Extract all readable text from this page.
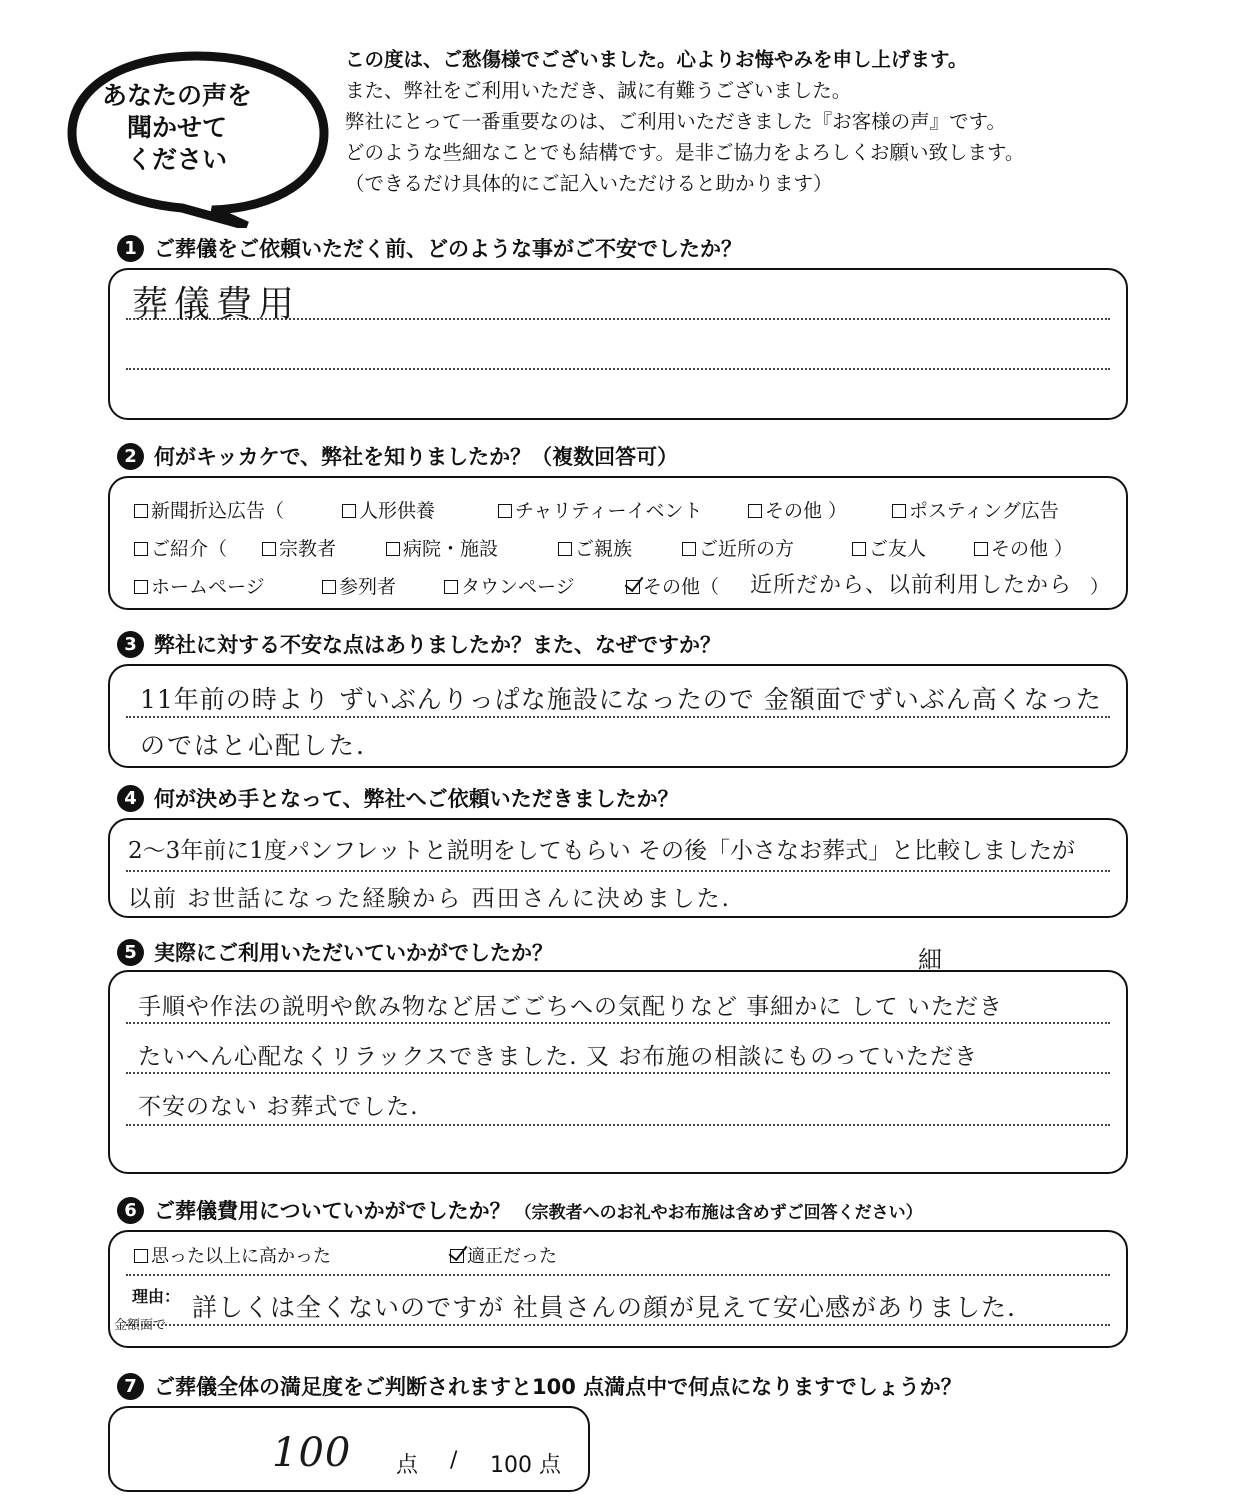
あなたの声を
聞かせて
ください
この度は、ご愁傷様でございました。心よりお悔やみを申し上げます。
また、弊社をご利用いただき、誠に有難うございました。
弊社にとって一番重要なのは、ご利用いただきました『お客様の声』です。
どのような些細なことでも結構です。是非ご協力をよろしくお願い致します。
（できるだけ具体的にご記入いただけると助かります）
1 ご葬儀をご依頼いただく前、どのような事がご不安でしたか？
葬儀費用
2 何がキッカケで、弊社を知りましたか？（複数回答可）
新聞折込広告（	人形供養	チャリティーイベント	その他 ）	ポスティング広告
ご紹介（	宗教者	病院・施設	ご親族	ご近所の方	ご友人	その他 ）
ホームページ	参列者	タウンページ	その他（ 近所だから、以前利用したから ）
3 弊社に対する不安な点はありましたか？また、なぜですか？
11年前の時より ずいぶんりっぱな施設になったので 金額面でずいぶん高くなった
のではと心配した.
4 何が決め手となって、弊社へご依頼いただきましたか？
2〜3年前に1度パンフレットと説明をしてもらい その後「小さなお葬式」と比較しましたが
以前 お世話になった経験から 西田さんに決めました.
5 実際にご利用いただいていかがでしたか？	細
手順や作法の説明や飲み物など居ごごちへの気配りなど 事細かに して いただき
たいへん心配なくリラックスできました. 又 お布施の相談にものっていただき
不安のない お葬式でした.
6 ご葬儀費用についていかがでしたか？ （宗教者へのお礼やお布施は含めずご回答ください）
思った以上に高かった	適正だった
理由：
金額面で
詳しくは全くないのですが 社員さんの顔が見えて安心感がありました.
7 ご葬儀全体の満足度をご判断されますと100 点満点中で何点になりますでしょうか？
100 点 / 100 点
